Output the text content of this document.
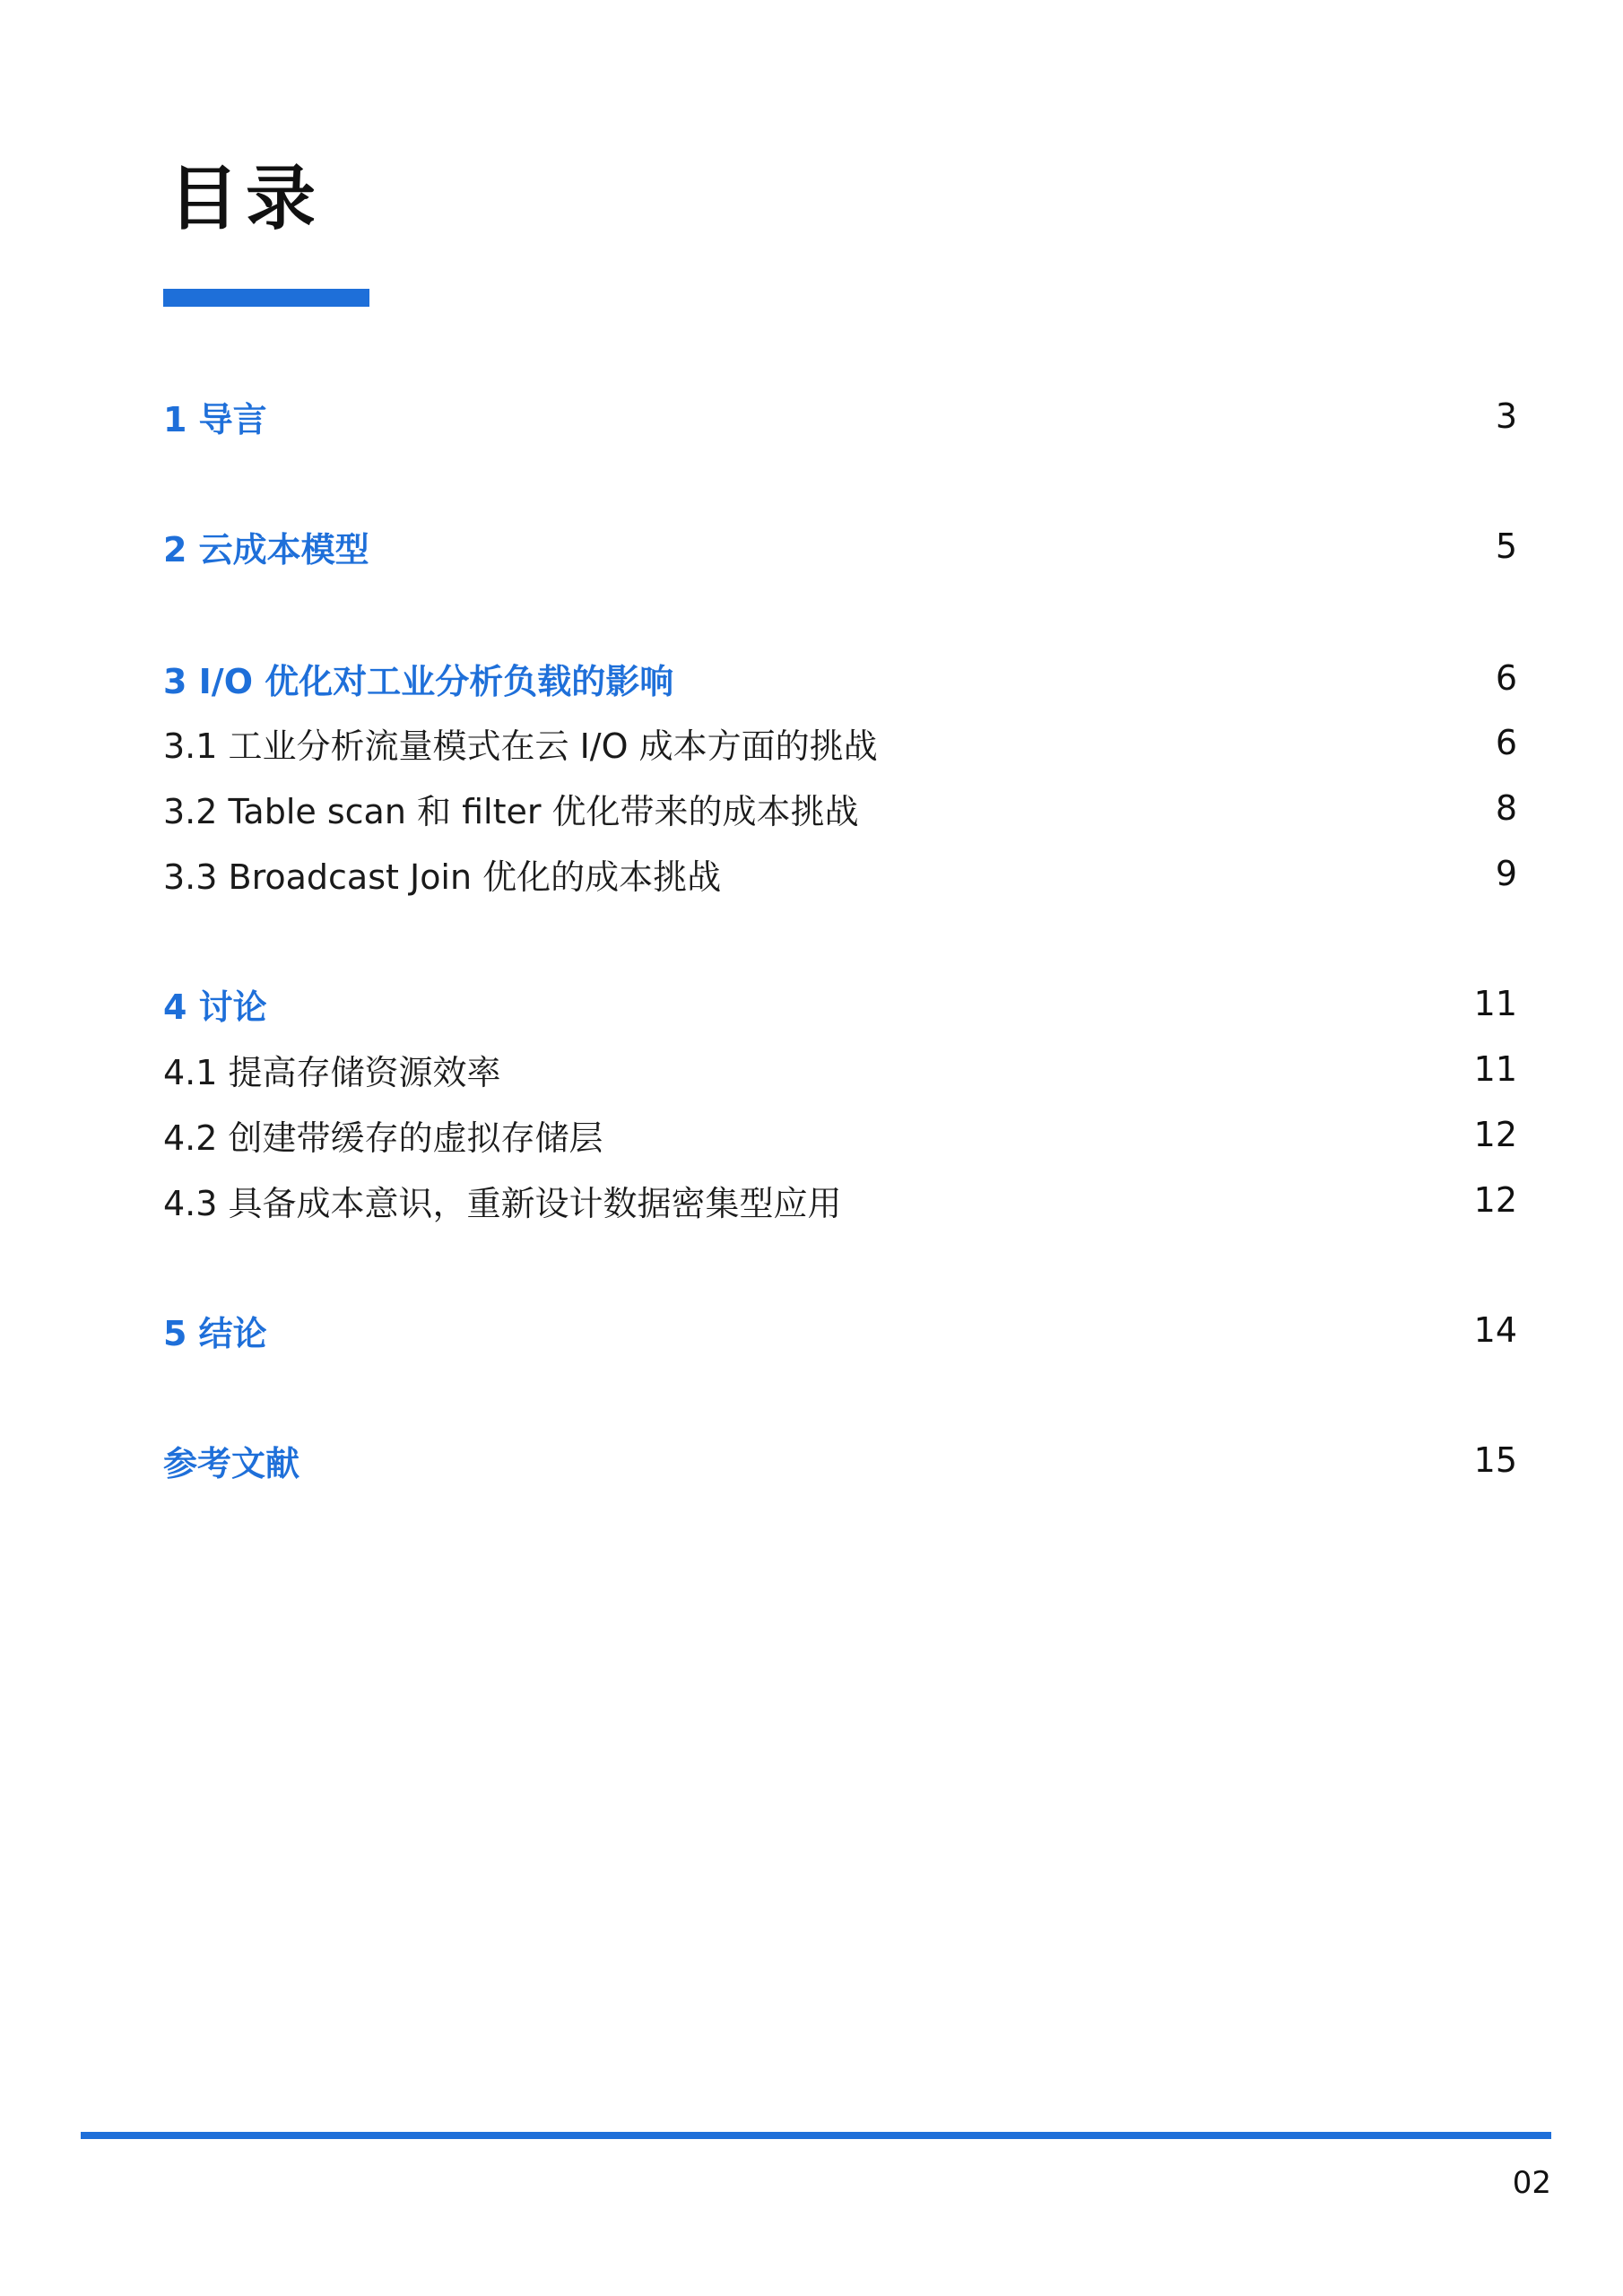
目录
1 导言	3
2 云成本模型	5
3 I/O 优化对工业分析负载的影响	6
3.1 工业分析流量模式在云 I/O 成本方面的挑战	6
3.2 Table scan 和 filter 优化带来的成本挑战	8
3.3 Broadcast Join 优化的成本挑战	9
4 讨论	11
4.1 提高存储资源效率	11
4.2 创建带缓存的虚拟存储层	12
4.3 具备成本意识，重新设计数据密集型应用	12
5 结论	14
参考文献	15
02
